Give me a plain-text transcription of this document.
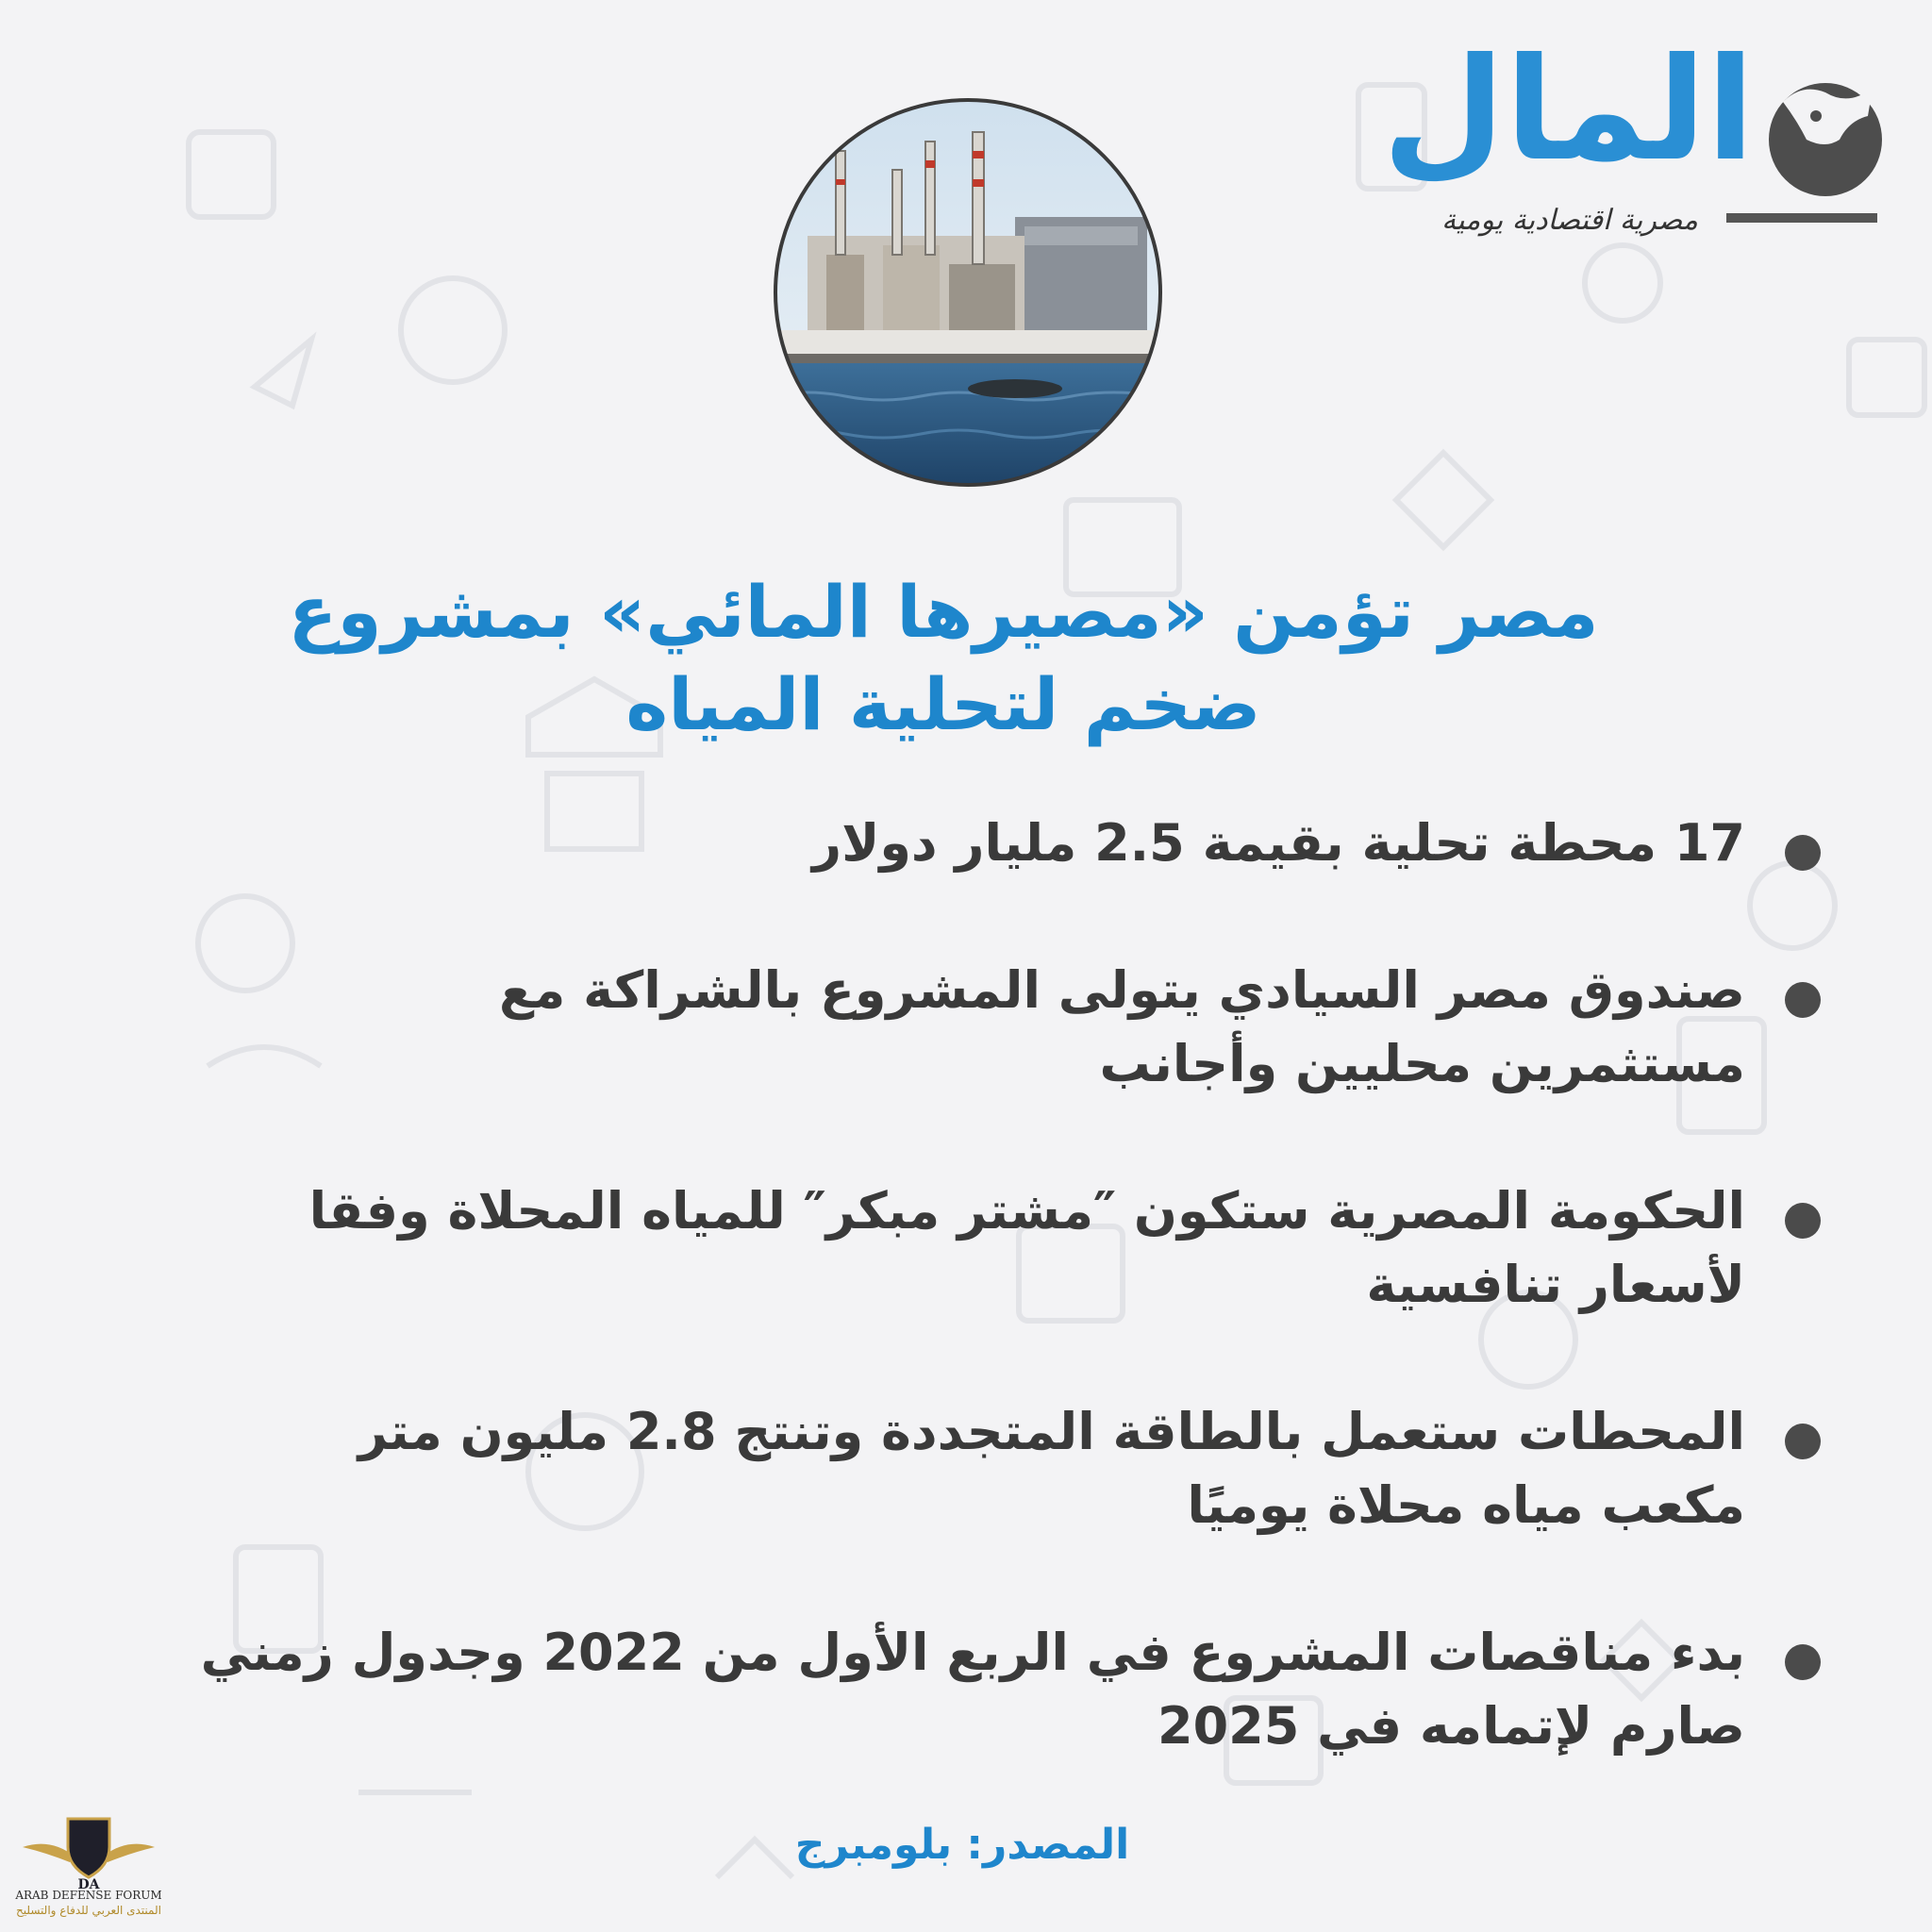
المال
مصرية اقتصادية يومية
مصر تؤمن «مصيرها المائي» بمشروع
ضخم لتحلية المياه
17 محطة تحلية بقيمة 2.5 مليار دولار
صندوق مصر السيادي يتولى المشروع بالشراكة مع
مستثمرين محليين وأجانب
الحكومة المصرية ستكون ″مشتر مبكر″ للمياه المحلاة وفقا
لأسعار تنافسية
المحطات ستعمل بالطاقة المتجددة وتنتج 2.8 مليون متر
مكعب مياه محلاة يوميًا
بدء مناقصات المشروع في الربع الأول من 2022 وجدول زمني
صارم لإتمامه في 2025
المصدر: بلومبرج
DA
ARAB DEFENSE FORUM
المنتدى العربي للدفاع والتسليح
